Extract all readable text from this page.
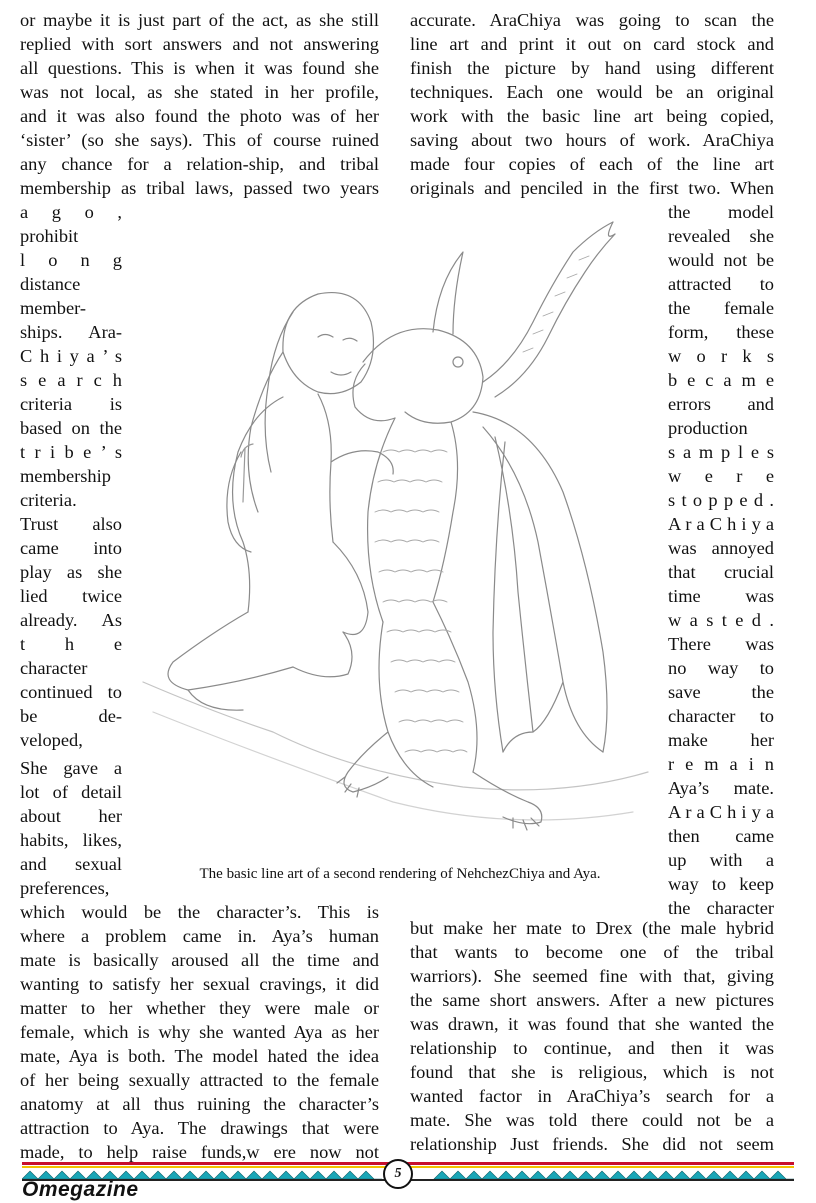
or maybe it is just part of the act, as she still
replied with sort answers and not answering
all questions. This is when it was found she
was not local, as she stated in her profile,
and it was also found the photo was of her
‘sister’ (so she says). This of course ruined
any chance for a relation-ship, and tribal
membership as tribal laws, passed two years
a g o ,
prohibit
l o n g
distance
member-
ships. Ara-
C h i y a ’ s
s e a r c h
criteria is
based on the
t r i b e ’ s
membership
criteria.
Trust also
came into
play as she
lied twice
already. As
t h e
character
continued to
be de-
veloped,
She gave a
lot of detail
about her
habits, likes,
and sexual
preferences,
which would be the character’s. This is
where a problem came in. Aya’s human
mate is basically aroused all the time and
wanting to satisfy her sexual cravings, it did
matter to her whether they were male or
female, which is why she wanted Aya as her
mate, Aya is both. The model hated the idea
of her being sexually attracted to the female
anatomy at all thus ruining the character’s
attraction to Aya. The drawings that were
made, to help raise funds,w ere now not
accurate. AraChiya was going to scan the
line art and print it out on card stock and
finish the picture by hand using different
techniques. Each one would be an original
work with the basic line art being copied,
saving about two hours of work. AraChiya
made four copies of each of the line art
originals and penciled in the first two. When
the model
revealed she
would not be
attracted to
the female
form, these
w o r k s
b e c a m e
errors and
production
s a m p l e s
w e r e
s t o p p e d .
A r a C h i y a
was annoyed
that crucial
time was
w a s t e d .
There was
no way to
save the
character to
make her
r e m a i n
Aya’s mate.
A r a C h i y a
then came
up with a
way to keep
the character
but make her mate to Drex (the male hybrid
that wants to become one of the tribal
warriors). She seemed fine with that, giving
the same short answers. After a new pictures
was drawn, it was found that she wanted the
relationship to continue, and then it was
found that she is religious, which is not
wanted factor in AraChiya’s search for a
mate. She was told there could not be a
relationship Just friends. She did not seem
The basic line art of a second rendering of NehchezChiya and Aya.
5
Omegazine
